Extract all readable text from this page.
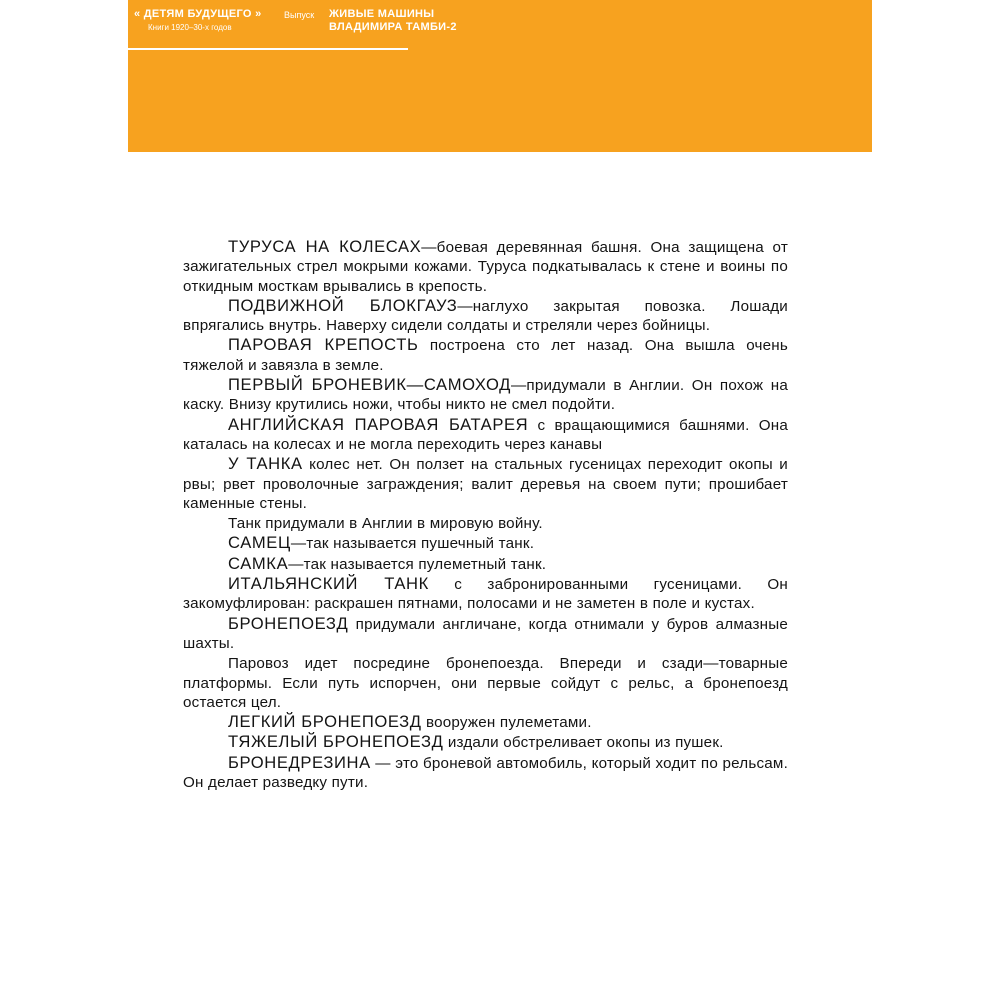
« ДЕТЯМ БУДУЩЕГО »
Книги 1920–30-х годов
Выпуск ЖИВЫЕ МАШИНЫ
ВЛАДИМИРА ТАМБИ-2

ТУРУСА НА КОЛЕСАХ—боевая деревянная башня. Она защищена от зажигательных стрел мокрыми кожами. Туруса подкатывалась к стене и воины по откидным мосткам врывались в крепость.

ПОДВИЖНОЙ БЛОКГАУЗ—наглухо закрытая повозка. Лошади впрягались внутрь. Наверху сидели солдаты и стреляли через бойницы.

ПАРОВАЯ КРЕПОСТЬ построена сто лет назад. Она вышла очень тяжелой и завязла в земле.

ПЕРВЫЙ БРОНЕВИК—САМОХОД—придумали в Англии. Он похож на каску. Внизу крутились ножи, чтобы никто не смел подойти.

АНГЛИЙСКАЯ ПАРОВАЯ БАТАРЕЯ с вращающимися башнями. Она каталась на колесах и не могла переходить через канавы

У ТАНКА колес нет. Он ползет на стальных гусеницах переходит окопы и рвы; рвет проволочные заграждения; валит деревья на своем пути; прошибает каменные стены.

Танк придумали в Англии в мировую войну.

САМЕЦ—так называется пушечный танк.

САМКА—так называется пулеметный танк.

ИТАЛЬЯНСКИЙ ТАНК с забронированными гусеницами. Он закомуфлирован: раскрашен пятнами, полосами и не заметен в поле и кустах.

БРОНЕПОЕЗД придумали англичане, когда отнимали у буров алмазные шахты.

Паровоз идет посредине бронепоезда. Впереди и сзади—товарные платформы. Если путь испорчен, они первые сойдут с рельс, а бронепоезд остается цел.

ЛЕГКИЙ БРОНЕПОЕЗД вооружен пулеметами.

ТЯЖЕЛЫЙ БРОНЕПОЕЗД издали обстреливает окопы из пушек.

БРОНЕДРЕЗИНА — это броневой автомобиль, который ходит по рельсам. Он делает разведку пути.
